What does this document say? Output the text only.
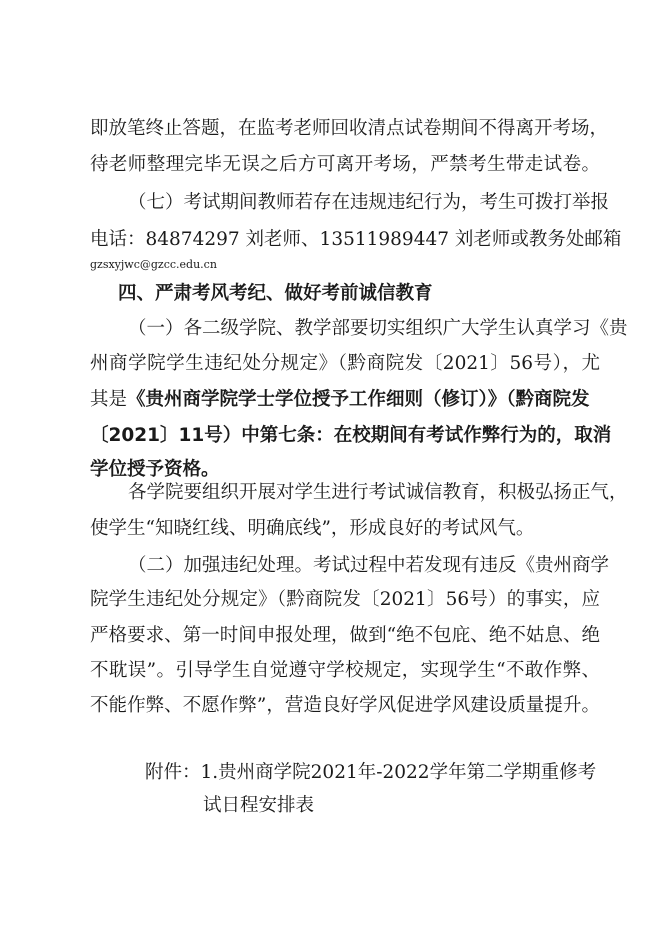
即放笔终止答题，在监考老师回收清点试卷期间不得离开考场，
待老师整理完毕无误之后方可离开考场，严禁考生带走试卷。
（七）考试期间教师若存在违规违纪行为，考生可拨打举报
电话：84874297 刘老师、13511989447 刘老师或教务处邮箱
gzsxyjwc@gzcc.edu.cn
四、严肃考风考纪、做好考前诚信教育
（一）各二级学院、教学部要切实组织广大学生认真学习《贵
州商学院学生违纪处分规定》（黔商院发〔2021〕56号），尤
其是《贵州商学院学士学位授予工作细则（修订）》（黔商院发
〔2021〕11号）中第七条：在校期间有考试作弊行为的，取消
学位授予资格。
各学院要组织开展对学生进行考试诚信教育，积极弘扬正气，
使学生“知晓红线、明确底线”，形成良好的考试风气。
（二）加强违纪处理。考试过程中若发现有违反《贵州商学
院学生违纪处分规定》（黔商院发〔2021〕56号）的事实，应
严格要求、第一时间申报处理，做到“绝不包庇、绝不姑息、绝
不耽误”。引导学生自觉遵守学校规定，实现学生“不敢作弊、
不能作弊、不愿作弊”，营造良好学风促进学风建设质量提升。
附件：1.贵州商学院2021年-2022学年第二学期重修考
试日程安排表
